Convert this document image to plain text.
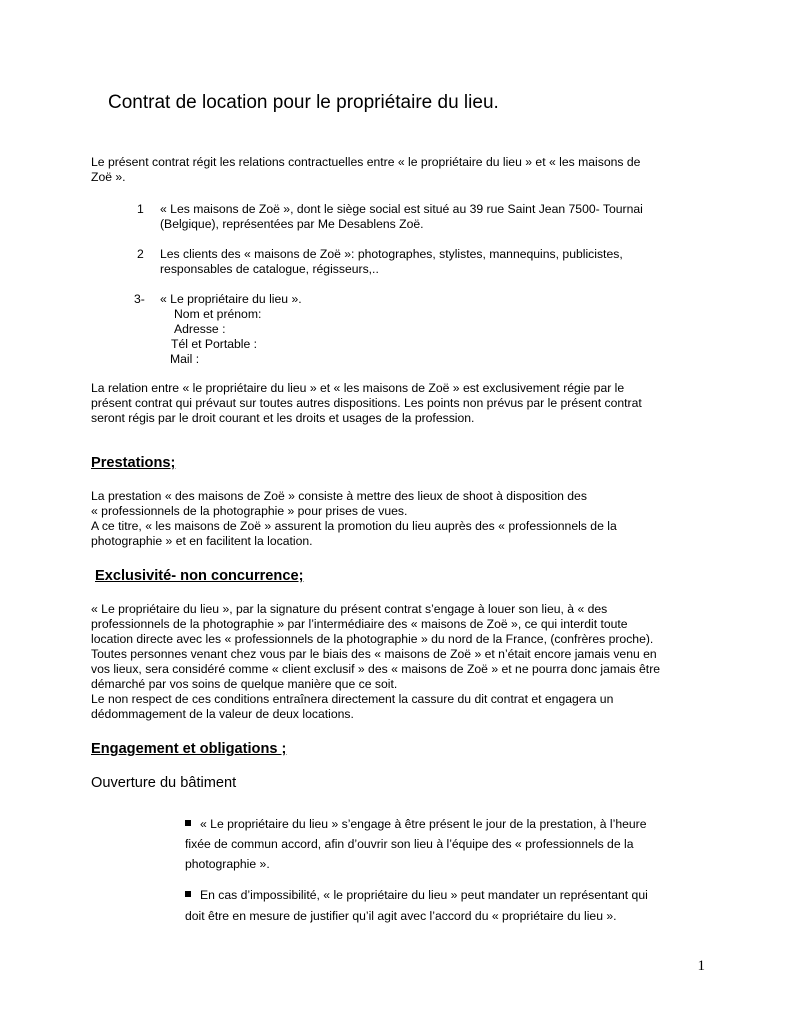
Contrat de location pour le propriétaire du lieu.
Le présent contrat régit les relations contractuelles entre « le propriétaire du lieu » et « les maisons de
Zoë ».
1 « Les maisons de Zoë », dont le siège social est situé au 39 rue Saint Jean 7500- Tournai
(Belgique), représentées par Me Desablens Zoë.
2 Les clients des « maisons de Zoë »: photographes, stylistes, mannequins, publicistes,
responsables de catalogue, régisseurs,..
3- « Le propriétaire du lieu ».
Nom et prénom:
Adresse :
Tél et Portable :
Mail :
La relation entre « le propriétaire du lieu » et « les maisons de Zoë » est exclusivement régie par le
présent contrat qui prévaut sur toutes autres dispositions. Les points non prévus par le présent contrat
seront régis par le droit courant et les droits et usages de la profession.
Prestations;
La prestation « des maisons de Zoë » consiste à mettre des lieux de shoot à disposition des
« professionnels de la photographie » pour prises de vues.
A ce titre, « les maisons de Zoë » assurent la promotion du lieu auprès des « professionnels de la
photographie » et en facilitent la location.
Exclusivité- non concurrence;
« Le propriétaire du lieu », par la signature du présent contrat s’engage à louer son lieu, à « des
professionnels de la photographie » par l’intermédiaire des « maisons de Zoë », ce qui interdit toute
location directe avec les « professionnels de la photographie » du nord de la France, (confrères proche).
Toutes personnes venant chez vous par le biais des « maisons de Zoë » et n’était encore jamais venu en
vos lieux, sera considéré comme « client exclusif » des « maisons de Zoë » et ne pourra donc jamais être
démarché par vos soins de quelque manière que ce soit.
Le non respect de ces conditions entraînera directement la cassure du dit contrat et engagera un
dédommagement de la valeur de deux locations.
Engagement et obligations ;
Ouverture du bâtiment
« Le propriétaire du lieu » s’engage à être présent le jour de la prestation, à l’heure
fixée de commun accord, afin d’ouvrir son lieu à l’équipe des « professionnels de la
photographie ».
En cas d’impossibilité, « le propriétaire du lieu » peut mandater un représentant qui
doit être en mesure de justifier qu’il agit avec l’accord du « propriétaire du lieu ».
1
